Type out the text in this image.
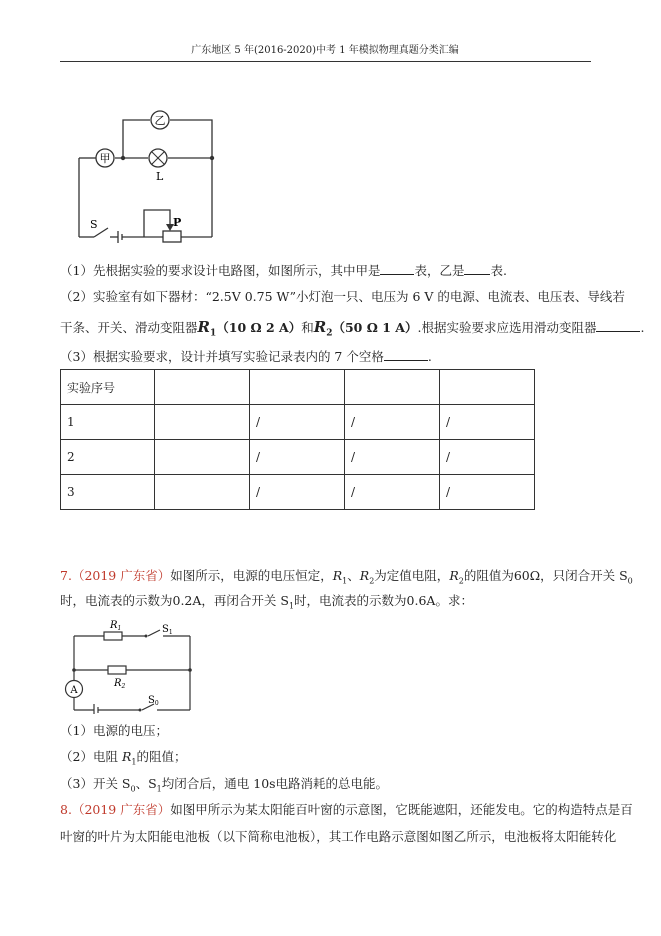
广东地区 5 年(2016-2020)中考 1 年模拟物理真题分类汇编
甲
乙
L
S	P
（1）先根据实验的要求设计电路图，如图所示，其中甲是	表，乙是 表.
（2）实验室有如下器材：“2.5V 0.75 W”小灯泡一只、电压为 6 V 的电源、电流表、电压表、导线若
干条、开关、滑动变阻器$R_1(10$ Ω 2 A）和$R_2(50$ Ω 1 A）.根据实验要求应选用滑动变阻器	.
（3）根据实验要求，设计并填写实验记录表内的 7 个空格	.
实验序号				
1		/	/	/
2		/	/	/
3		/	/	/
7.（2019 广东省）如图所示，电源的电压恒定，$R_1$、$R_2$为定值电阻，$R_2$的阻值为60Ω，只闭合开关 $S_0$
时，电流表的示数为0.2A，再闭合开关 $S_1$时，电流表的示数为0.6A。求：
A
$R_1$
$R_2$
$S_1$
$S_0$
（1）电源的电压；
（2）电阻 $R_1$的阻值；
（3）开关 $S_0$、$S_1$均闭合后，通电 10s电路消耗的总电能。
8.（2019 广东省）如图甲所示为某太阳能百叶窗的示意图，它既能遮阳，还能发电。它的构造特点是百
叶窗的叶片为太阳能电池板（以下简称电池板），其工作电路示意图如图乙所示，电池板将太阳能转化
